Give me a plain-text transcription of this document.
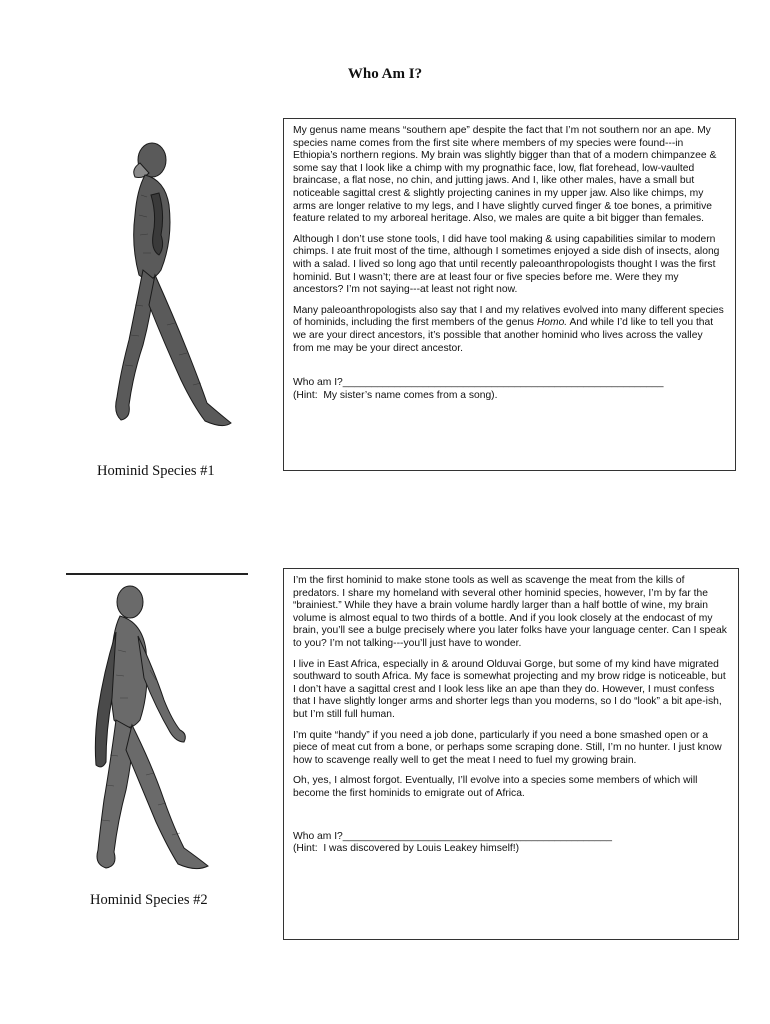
Who Am I?
Hominid Species #1

My genus name means “southern ape” despite the fact that I’m not southern nor an ape. My species name comes from the first site where members of my species were found---in Ethiopia’s northern regions. My brain was slightly bigger than that of a modern chimpanzee & some say that I look like a chimp with my prognathic face, low, flat forehead, low-vaulted braincase, a flat nose, no chin, and jutting jaws. And I, like other males, have a small but noticeable sagittal crest & slightly projecting canines in my upper jaw. Also like chimps, my arms are longer relative to my legs, and I have slightly curved finger & toe bones, a primitive feature related to my arboreal heritage. Also, we males are quite a bit bigger than females.

Although I don’t use stone tools, I did have tool making & using capabilities similar to modern chimps. I ate fruit most of the time, although I sometimes enjoyed a side dish of insects, along with a salad. I lived so long ago that until recently paleoanthropologists thought I was the first hominid. But I wasn’t; there are at least four or five species before me. Were they my ancestors? I’m not saying---at least not right now.

Many paleoanthropologists also say that I and my relatives evolved into many different species of hominids, including the first members of the genus Homo. And while I’d like to tell you that we are your direct ancestors, it’s possible that another hominid who lives across the valley from me may be your direct ancestor.

Who am I?________________________________________________________
(Hint:  My sister’s name comes from a song).
Hominid Species #2

I’m the first hominid to make stone tools as well as scavenge the meat from the kills of predators. I share my homeland with several other hominid species, however, I’m by far the “brainiest.” While they have a brain volume hardly larger than a half bottle of wine, my brain volume is almost equal to two thirds of a bottle. And if you look closely at the endocast of my brain, you’ll see a bulge precisely where you later folks have your language center. Can I speak to you? I’m not talking---you’ll just have to wonder.

I live in East Africa, especially in & around Olduvai Gorge, but some of my kind have migrated southward to south Africa. My face is somewhat projecting and my brow ridge is noticeable, but I don’t have a sagittal crest and I look less like an ape than they do. However, I must confess that I have slightly longer arms and shorter legs than you moderns, so I do “look” a bit ape-ish, but I’m still full human.

I’m quite “handy” if you need a job done, particularly if you need a bone smashed open or a piece of meat cut from a bone, or perhaps some scraping done. Still, I’m no hunter. I just know how to scavenge really well to get the meat I need to fuel my growing brain.

Oh, yes, I almost forgot. Eventually, I’ll evolve into a species some members of which will become the first hominids to emigrate out of Africa.

Who am I?_______________________________________________
(Hint:  I was discovered by Louis Leakey himself!)
